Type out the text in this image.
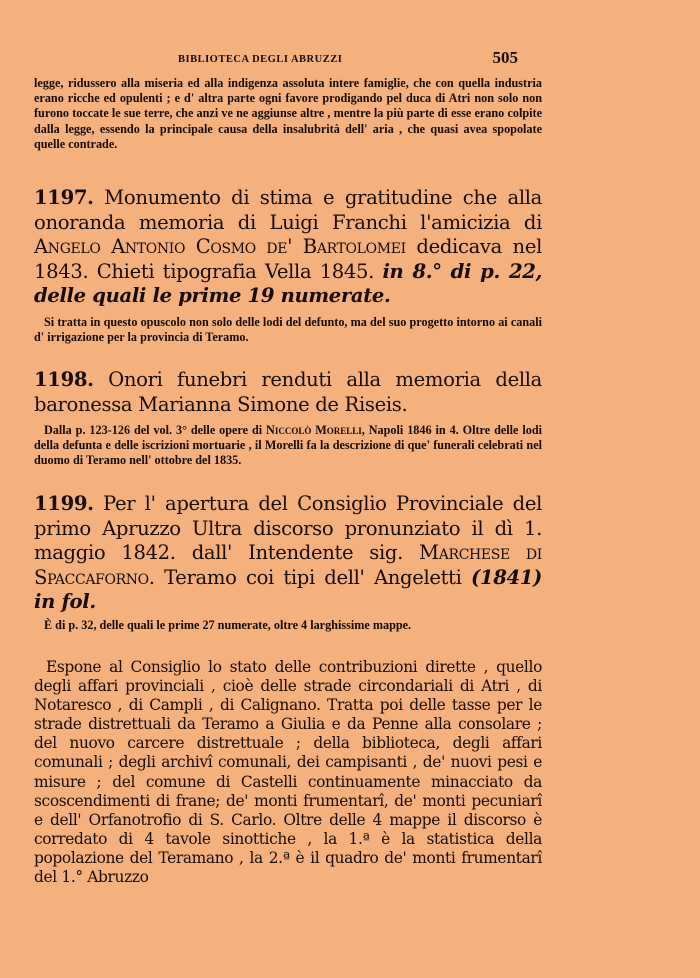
BIBLIOTECA DEGLI ABRUZZI	505

legge, ridussero alla miseria ed alla indigenza assoluta intere famiglie, che con quella industria erano ricche ed opulenti ; e d' altra parte ogni favore prodigando pel duca di Atri non solo non furono toccate le sue terre, che anzi ve ne aggiunse altre , mentre la più parte di esse erano colpite dalla legge, essendo la principale causa della insalubrità dell' aria , che quasi avea spopolate quelle contrade.

1197. Monumento di stima e gratitudine che alla onoranda memoria di Luigi Franchi l'amicizia di Angelo Antonio Cosmo de' Bartolomei dedicava nel 1843. Chieti tipografia Vella 1845. in 8.° di p. 22, delle quali le prime 19 numerate.

Si tratta in questo opuscolo non solo delle lodi del defunto, ma del suo progetto intorno ai canali d' irrigazione per la provincia di Teramo.

1198. Onori funebri renduti alla memoria della baronessa Marianna Simone de Riseis.

Dalla p. 123-126 del vol. 3° delle opere di Niccolò Morelli, Napoli 1846 in 4. Oltre delle lodi della defunta e delle iscrizioni mortuarie , il Morelli fa la descrizione di que' funerali celebrati nel duomo di Teramo nell' ottobre del 1835.

1199. Per l' apertura del Consiglio Provinciale del primo Apruzzo Ultra discorso pronunziato il dì 1. maggio 1842. dall' Intendente sig. Marchese di Spaccaforno. Teramo coi tipi dell' Angeletti (1841) in fol.

È di p. 32, delle quali le prime 27 numerate, oltre 4 larghissime mappe.

Espone al Consiglio lo stato delle contribuzioni dirette , quello degli affari provinciali , cioè delle strade circondariali di Atri , di Notaresco , di Campli , di Calignano. Tratta poi delle tasse per le strade distrettuali da Teramo a Giulia e da Penne alla consolare ; del nuovo carcere distrettuale ; della biblioteca, degli affari comunali ; degli archivî comunali, dei campisanti , de' nuovi pesi e misure ; del comune di Castelli continuamente minacciato da scoscendimenti di frane; de' monti frumentarî, de' monti pecuniarî e dell' Orfanotrofio di S. Carlo. Oltre delle 4 mappe il discorso è corredato di 4 tavole sinottiche , la 1.ª è la statistica della popolazione del Teramano , la 2.ª è il quadro de' monti frumentarî del 1.° Abruzzo
